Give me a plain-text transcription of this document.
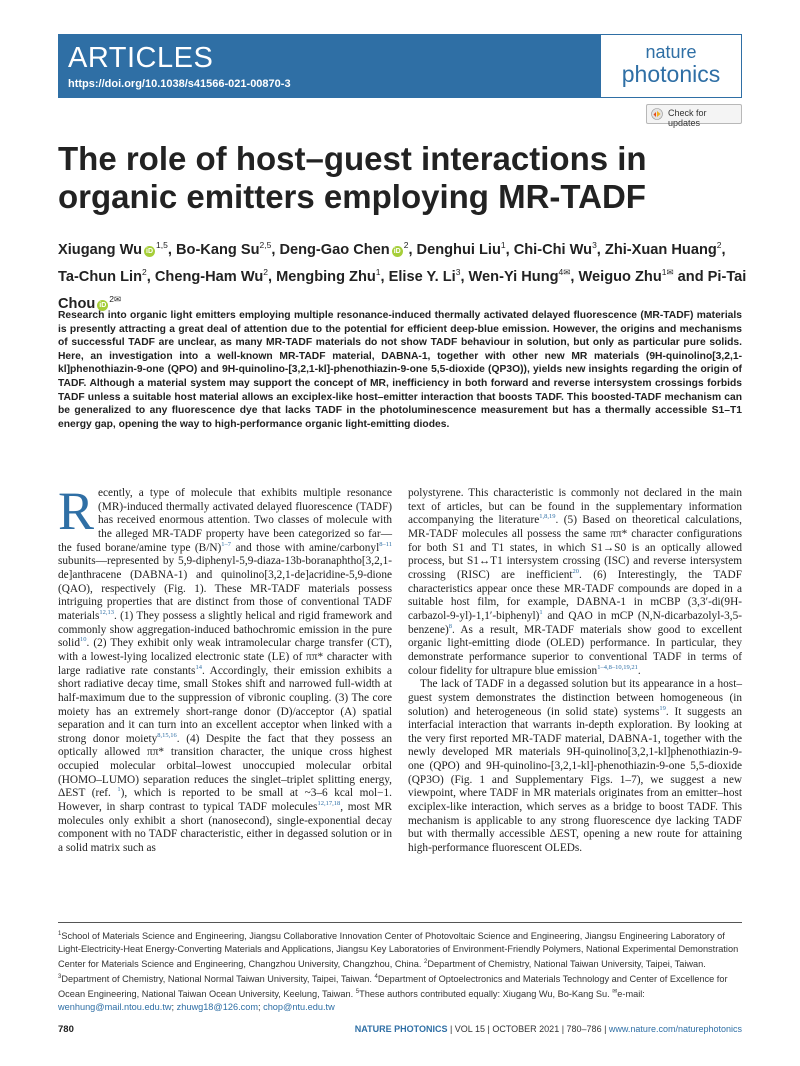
ARTICLES
https://doi.org/10.1038/s41566-021-00870-3
nature
photonics
Check for updates
The role of host–guest interactions in organic emitters employing MR-TADF
Xiugang Wu iD$^{1,5}$, Bo-Kang Su$^{2,5}$, Deng-Gao Chen $iD^2$, Denghui Liu$^1$, Chi-Chi Wu$^3$, Zhi-Xuan Huang$^2$, Ta-Chun Lin$^2$, Cheng-Ham Wu$^2$, Mengbing Zhu$^1$, Elise Y. Li$^3$, Wen-Yi Hung$^{4✉}$, Weiguo Zhu$^{1✉}$ and Pi-Tai Chou $iD^{2✉}$
Research into organic light emitters employing multiple resonance-induced thermally activated delayed fluorescence (MR-TADF) materials is presently attracting a great deal of attention due to the potential for efficient deep-blue emission. However, the origins and mechanisms of successful TADF are unclear, as many MR-TADF materials do not show TADF behaviour in solution, but only as particular pure solids. Here, an investigation into a well-known MR-TADF material, DABNA-1, together with other new MR materials (9H-quinolino[3,2,1-kl]phenothiazin-9-one (QPO) and 9H-quinolino-[3,2,1-kl]-phenothiazin-9-one 5,5-dioxide (QP3O)), yields new insights regarding the origin of TADF. Although a material system may support the concept of MR, inefficiency in both forward and reverse intersystem crossings forbids TADF unless a suitable host material allows an exciplex-like host–emitter interaction that boosts TADF. This boosted-TADF mechanism can be generalized to any fluorescence dye that lacks TADF in the photoluminescence measurement but has a thermally accessible S1–T1 energy gap, opening the way to high-performance organic light-emitting diodes.

Recently, a type of molecule that exhibits multiple resonance (MR)-induced thermally activated delayed fluorescence (TADF) has received enormous attention. Two classes of molecule with the alleged MR-TADF property have been categorized so far—the fused borane/amine type $(B/N)^{1-7}$ and those with amine/carbonyl$^{8-11}$ subunits—represented by 5,9-diphenyl-5,9-diaza-13b-boranaphtho[3,2,1-de]anthracene (DABNA-1) and quinolino[3,2,1-de]acridine-5,9-dione (QAO), respectively (Fig. 1). These MR-TADF materials possess intriguing properties that are distinct from those of conventional TADF materials$^{12,13}$. (1) They possess a slightly helical and rigid framework and commonly show aggregation-induced bathochromic emission in the pure solid$^{10}$. (2) They exhibit only weak intramolecular charge transfer (CT), with a lowest-lying localized electronic state (LE) of ππ* character with large radiative rate constants$^{14}$. Accordingly, their emission exhibits a short radiative decay time, small Stokes shift and narrowed full-width at half-maximum due to the suppression of vibronic coupling. (3) The core moiety has an extremely short-range donor (D)/acceptor (A) spatial separation and it can turn into an excellent acceptor when linked with a strong donor moiety$^{8,15,16}$. (4) Despite the fact that they possess an optically allowed ππ* transition character, the unique cross highest occupied molecular orbital–lowest unoccupied molecular orbital (HOMO–LUMO) separation reduces the singlet–triplet splitting energy, ΔEST (ref. $^1$), which is reported to be small at ~3–6 kcal mol−1. However, in sharp contrast to typical TADF molecules$^{12,17,18}$, most MR molecules only exhibit a short (nanosecond), single-exponential decay component with no TADF characteristic, either in degassed solution or in a solid matrix such as

polystyrene. This characteristic is commonly not declared in the main text of articles, but can be found in the supplementary information accompanying the literature$^{1,8,19}$. (5) Based on theoretical calculations, MR-TADF molecules all possess the same ππ* character configurations for both S1 and T1 states, in which S1→S0 is an optically allowed process, but S1↔T1 intersystem crossing (ISC) and reverse intersystem crossing (RISC) are inefficient$^{20}$. (6) Interestingly, the TADF characteristics appear once these MR-TADF compounds are doped in a suitable host film, for example, DABNA-1 in mCBP (3,3′-di(9H-carbazol-9-yl)-1,1′-biphenyl)$^1$ and QAO in mCP (N,N-dicarbazolyl-3,5-benzene)$^8$. As a result, MR-TADF materials show good to excellent organic light-emitting diode (OLED) performance. In particular, they demonstrate performance superior to conventional TADF in terms of colour fidelity for ultrapure blue emission$^{1-4,8-10,19,21}$.

The lack of TADF in a degassed solution but its appearance in a host–guest system demonstrates the distinction between homogeneous (in solution) and heterogeneous (in solid state) systems$^{19}$. It suggests an interfacial interaction that warrants in-depth exploration. By looking at the very first reported MR-TADF material, DABNA-1, together with the newly developed MR materials 9H-quinolino[3,2,1-kl]phenothiazin-9-one (QPO) and 9H-quinolino-[3,2,1-kl]-phenothiazin-9-one 5,5-dioxide (QP3O) (Fig. 1 and Supplementary Figs. 1–7), we suggest a new viewpoint, where TADF in MR materials originates from an emitter–host exciplex-like interaction, which serves as a bridge to boost TADF. This mechanism is applicable to any strong fluorescence dye lacking TADF but with thermally accessible ΔEST, opening a new route for attaining high-performance fluorescent OLEDs.

$^1$School of Materials Science and Engineering, Jiangsu Collaborative Innovation Center of Photovoltaic Science and Engineering, Jiangsu Engineering Laboratory of Light-Electricity-Heat Energy-Converting Materials and Applications, Jiangsu Key Laboratories of Environment-Friendly Polymers, National Experimental Demonstration Center for Materials Science and Engineering, Changzhou University, Changzhou, China. $^2$Department of Chemistry, National Taiwan University, Taipei, Taiwan. $^3$Department of Chemistry, National Normal Taiwan University, Taipei, Taiwan. $^4$Department of Optoelectronics and Materials Technology and Center of Excellence for Ocean Engineering, National Taiwan Ocean University, Keelung, Taiwan. $^5$These authors contributed equally: Xiugang Wu, Bo-Kang Su. ✉e-mail: wenhung@mail.ntou.edu.tw; zhuwg18@126.com; chop@ntu.edu.tw
780	NATURE PHOTONICS | VOL 15 | OCTOBER 2021 | 780–786 | www.nature.com/naturephotonics
